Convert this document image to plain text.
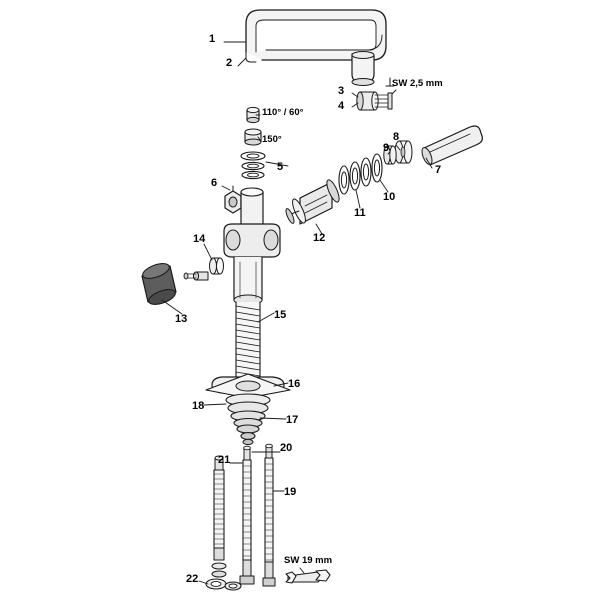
1
2
3
4
5
6
7
8
9
10
11
12
13
14
15
16
17
18
19
20
21
22
SW 2,5 mm
SW 19 mm
110° / 60°
150°
